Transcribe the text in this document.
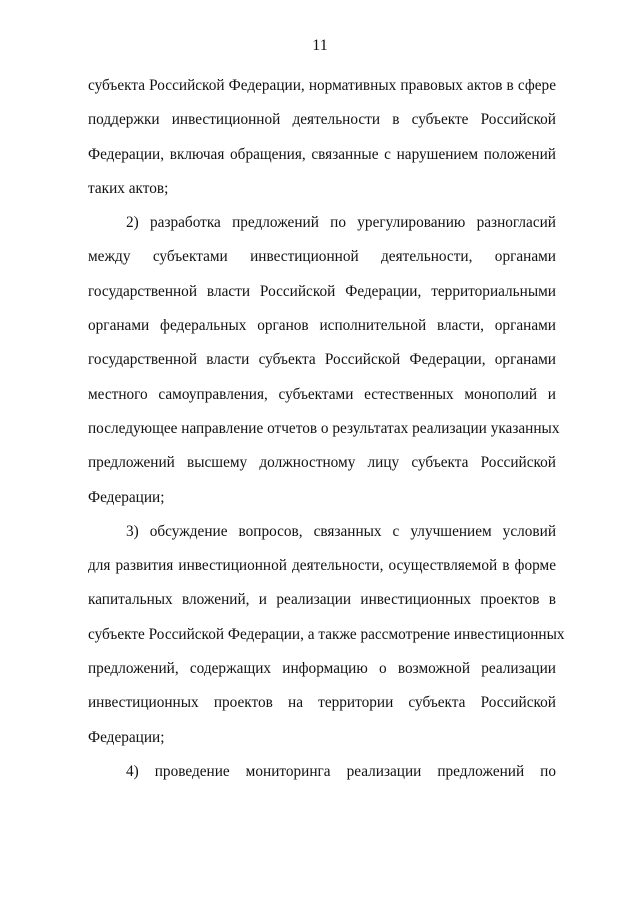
11
субъекта Российской Федерации, нормативных правовых актов в сфере
поддержки инвестиционной деятельности в субъекте Российской
Федерации, включая обращения, связанные с нарушением положений
таких актов;
2) разработка предложений по урегулированию разногласий
между субъектами инвестиционной деятельности, органами
государственной власти Российской Федерации, территориальными
органами федеральных органов исполнительной власти, органами
государственной власти субъекта Российской Федерации, органами
местного самоуправления, субъектами естественных монополий и
последующее направление отчетов о результатах реализации указанных
предложений высшему должностному лицу субъекта Российской
Федерации;
3) обсуждение вопросов, связанных с улучшением условий
для развития инвестиционной деятельности, осуществляемой в форме
капитальных вложений, и реализации инвестиционных проектов в
субъекте Российской Федерации, а также рассмотрение инвестиционных
предложений, содержащих информацию о возможной реализации
инвестиционных проектов на территории субъекта Российской
Федерации;
4) проведение мониторинга реализации предложений по
